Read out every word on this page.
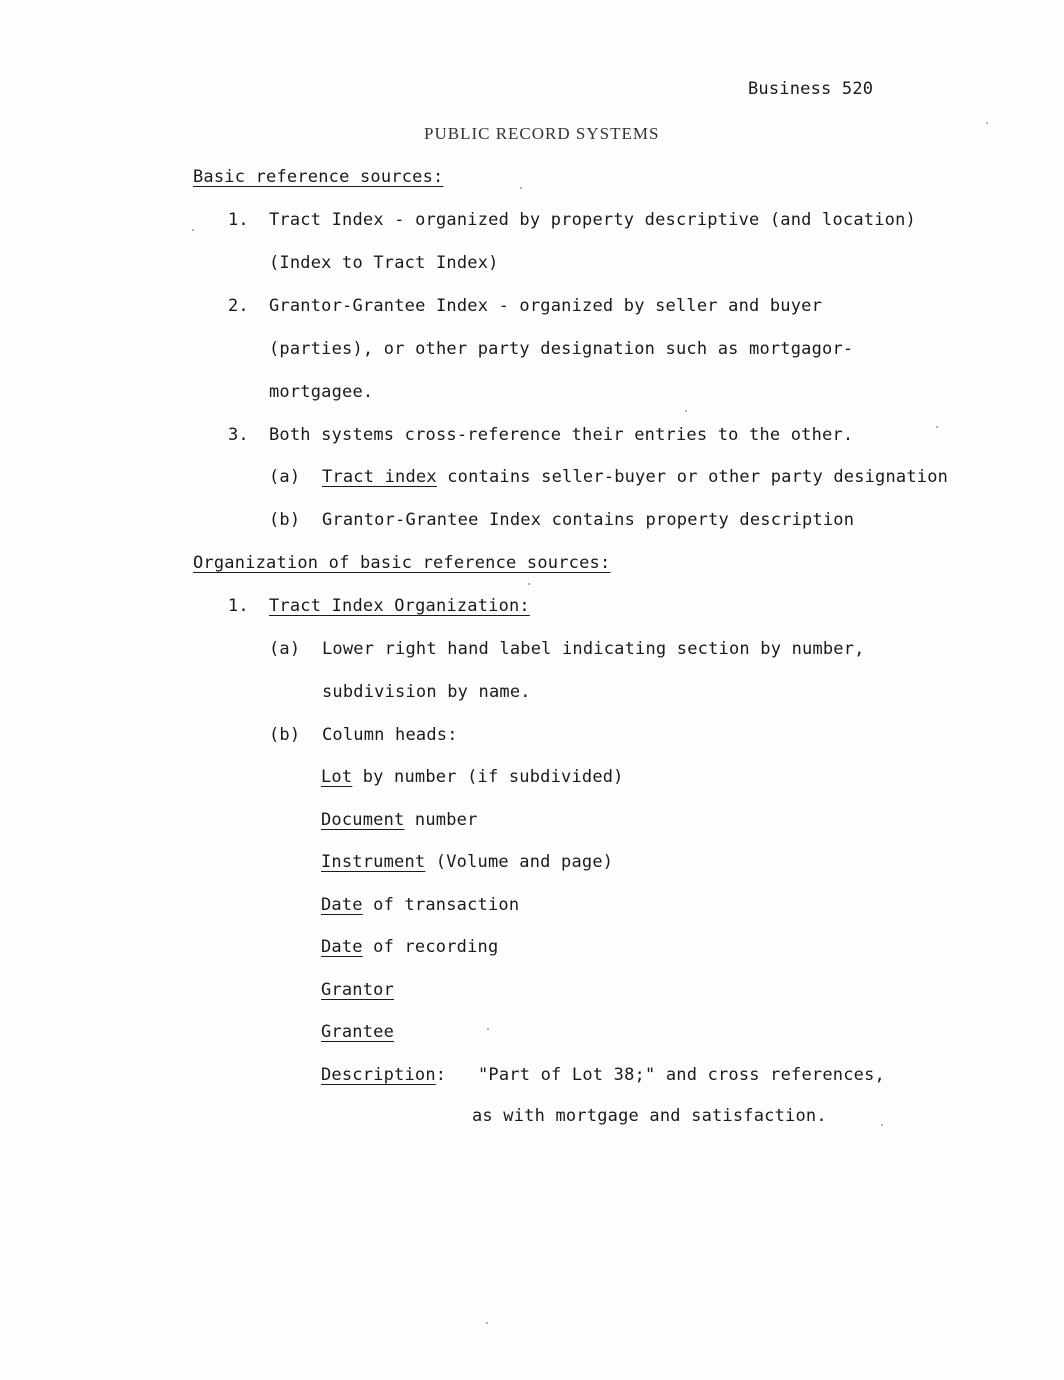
Business 520
PUBLIC RECORD SYSTEMS
Basic reference sources:
1. Tract Index - organized by property descriptive (and location)
(Index to Tract Index)
2. Grantor-Grantee Index - organized by seller and buyer
(parties), or other party designation such as mortgagor-
mortgagee.
3. Both systems cross-reference their entries to the other.
(a) Tract index contains seller-buyer or other party designation
(b) Grantor-Grantee Index contains property description
Organization of basic reference sources:
1. Tract Index Organization:
(a) Lower right hand label indicating section by number,
subdivision by name.
(b) Column heads:
Lot by number (if subdivided)
Document number
Instrument (Volume and page)
Date of transaction
Date of recording
Grantor
Grantee
Description: "Part of Lot 38;" and cross references,
as with mortgage and satisfaction.
